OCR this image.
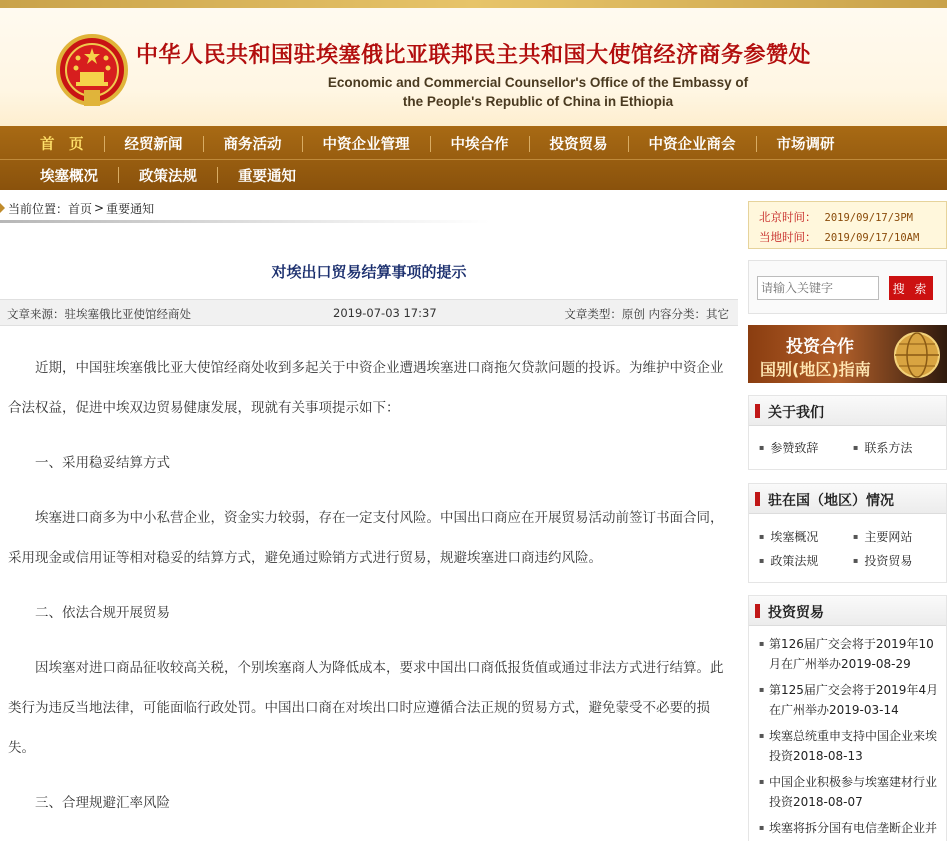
中华人民共和国驻埃塞俄比亚联邦民主共和国大使馆经济商务参赞处
Economic and Commercial Counsellor's Office of the Embassy of
the People's Republic of China in Ethiopia
首　页	经贸新闻	商务活动	中资企业管理	中埃合作	投资贸易	中资企业商会	市场调研
埃塞概况	政策法规	重要通知
当前位置： 首页 > 重要通知
对埃出口贸易结算事项的提示
文章来源：驻埃塞俄比亚使馆经商处	2019-07-03 17:37	文章类型：原创 内容分类：其它

近期，中国驻埃塞俄比亚大使馆经商处收到多起关于中资企业遭遇埃塞进口商拖欠贷款问题的投诉。为维护中资企业合法权益，促进中埃双边贸易健康发展，现就有关事项提示如下：

一、采用稳妥结算方式

埃塞进口商多为中小私营企业，资金实力较弱，存在一定支付风险。中国出口商应在开展贸易活动前签订书面合同，采用现金或信用证等相对稳妥的结算方式，避免通过赊销方式进行贸易，规避埃塞进口商违约风险。

二、依法合规开展贸易

因埃塞对进口商品征收较高关税，个别埃塞商人为降低成本，要求中国出口商低报货值或通过非法方式进行结算。此类行为违反当地法律，可能面临行政处罚。中国出口商在对埃出口时应遵循合法正规的贸易方式，避免蒙受不必要的损失。

三、合理规避汇率风险

北京时间： 2019/09/17/3PM
当地时间： 2019/09/17/10AM
请输入关键字
搜 索
投资合作
国别(地区)指南
关于我们
▪ 参赞致辞	▪ 联系方法
驻在国（地区）情况
▪ 埃塞概况	▪ 主要网站
▪ 政策法规	▪ 投资贸易
投资贸易
▪ 第126届广交会将于2019年10月在广州举办2019-08-29
▪ 第125届广交会将于2019年4月在广州举办2019-03-14
▪ 埃塞总统重申支持中国企业来埃投资2018-08-13
▪ 中国企业积极参与埃塞建材行业投资2018-08-07
▪ 埃塞将拆分国有电信垄断企业并
